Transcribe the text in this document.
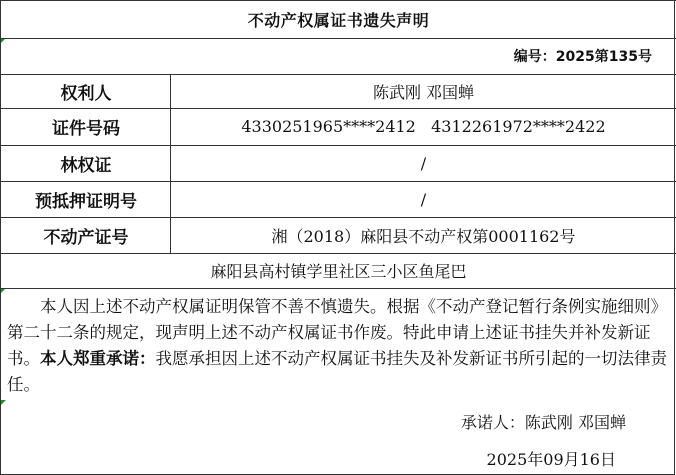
不动产权属证书遗失声明
编号：2025第135号
权利人	陈武刚 邓国蝉
证件号码	4330251965****2412   4312261972****2422
林权证	/
预抵押证明号	/
不动产证号	湘（2018）麻阳县不动产权第0001162号
麻阳县高村镇学里社区三小区鱼尾巴
本人因上述不动产权属证明保管不善不慎遗失。根据《不动产登记暂行条例实施细则》第二十二条的规定，现声明上述不动产权属证书作废。特此申请上述证书挂失并补发新证书。本人郑重承诺：我愿承担因上述不动产权属证书挂失及补发新证书所引起的一切法律责任。
承诺人：陈武刚 邓国蝉
2025年09月16日
